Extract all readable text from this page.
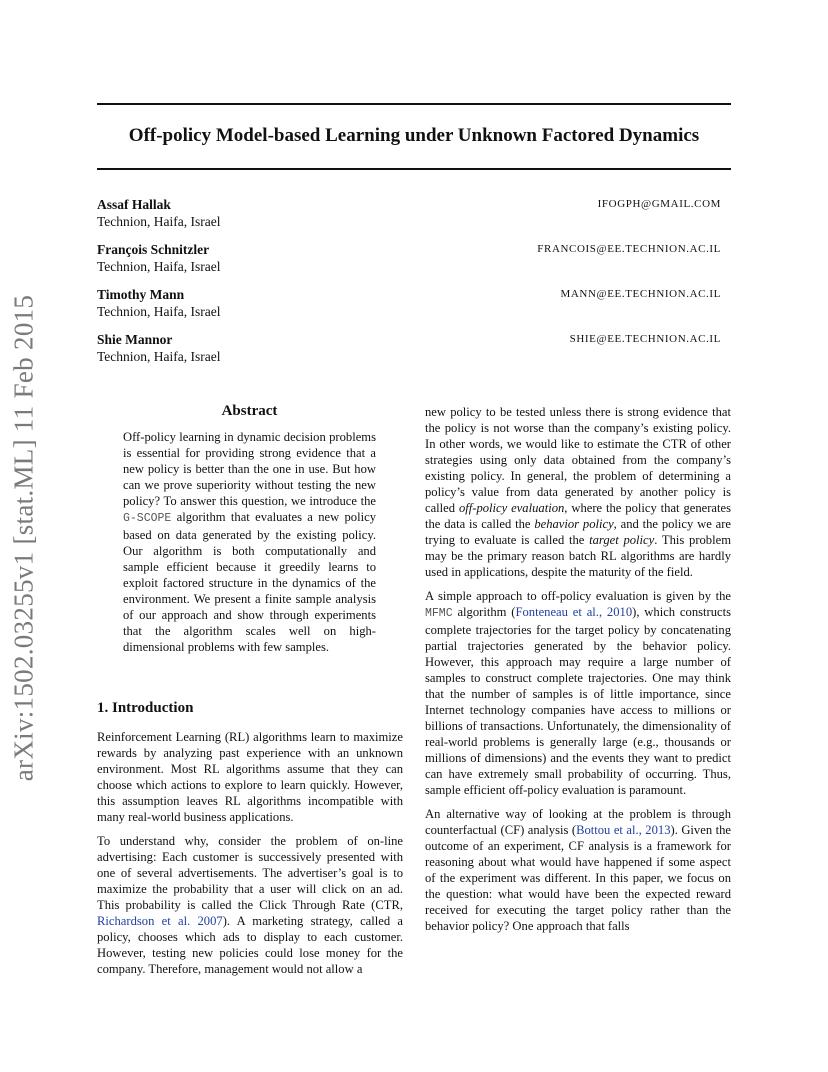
arXiv:1502.03255v1 [stat.ML] 11 Feb 2015
Off-policy Model-based Learning under Unknown Factored Dynamics
Assaf Hallak	IFOGPH@GMAIL.COM
Technion, Haifa, Israel
François Schnitzler	FRANCOIS@EE.TECHNION.AC.IL
Technion, Haifa, Israel
Timothy Mann	MANN@EE.TECHNION.AC.IL
Technion, Haifa, Israel
Shie Mannor	SHIE@EE.TECHNION.AC.IL
Technion, Haifa, Israel
Abstract
Off-policy learning in dynamic decision problems is essential for providing strong evidence that a new policy is better than the one in use. But how can we prove superiority without testing the new policy? To answer this question, we introduce the G-SCOPE algorithm that evaluates a new policy based on data generated by the existing policy. Our algorithm is both computationally and sample efficient because it greedily learns to exploit factored structure in the dynamics of the environment. We present a finite sample analysis of our approach and show through experiments that the algorithm scales well on high-dimensional problems with few samples.
1. Introduction

Reinforcement Learning (RL) algorithms learn to maximize rewards by analyzing past experience with an unknown environment. Most RL algorithms assume that they can choose which actions to explore to learn quickly. However, this assumption leaves RL algorithms incompatible with many real-world business applications.

To understand why, consider the problem of on-line advertising: Each customer is successively presented with one of several advertisements. The advertiser’s goal is to maximize the probability that a user will click on an ad. This probability is called the Click Through Rate (CTR, Richardson et al. 2007). A marketing strategy, called a policy, chooses which ads to display to each customer. However, testing new policies could lose money for the company. Therefore, management would not allow a

new policy to be tested unless there is strong evidence that the policy is not worse than the company’s existing policy. In other words, we would like to estimate the CTR of other strategies using only data obtained from the company’s existing policy. In general, the problem of determining a policy’s value from data generated by another policy is called off-policy evaluation, where the policy that generates the data is called the behavior policy, and the policy we are trying to evaluate is called the target policy. This problem may be the primary reason batch RL algorithms are hardly used in applications, despite the maturity of the field.

A simple approach to off-policy evaluation is given by the MFMC algorithm (Fonteneau et al., 2010), which constructs complete trajectories for the target policy by concatenating partial trajectories generated by the behavior policy. However, this approach may require a large number of samples to construct complete trajectories. One may think that the number of samples is of little importance, since Internet technology companies have access to millions or billions of transactions. Unfortunately, the dimensionality of real-world problems is generally large (e.g., thousands or millions of dimensions) and the events they want to predict can have extremely small probability of occurring. Thus, sample efficient off-policy evaluation is paramount.

An alternative way of looking at the problem is through counterfactual (CF) analysis (Bottou et al., 2013). Given the outcome of an experiment, CF analysis is a framework for reasoning about what would have happened if some aspect of the experiment was different. In this paper, we focus on the question: what would have been the expected reward received for executing the target policy rather than the behavior policy? One approach that falls
